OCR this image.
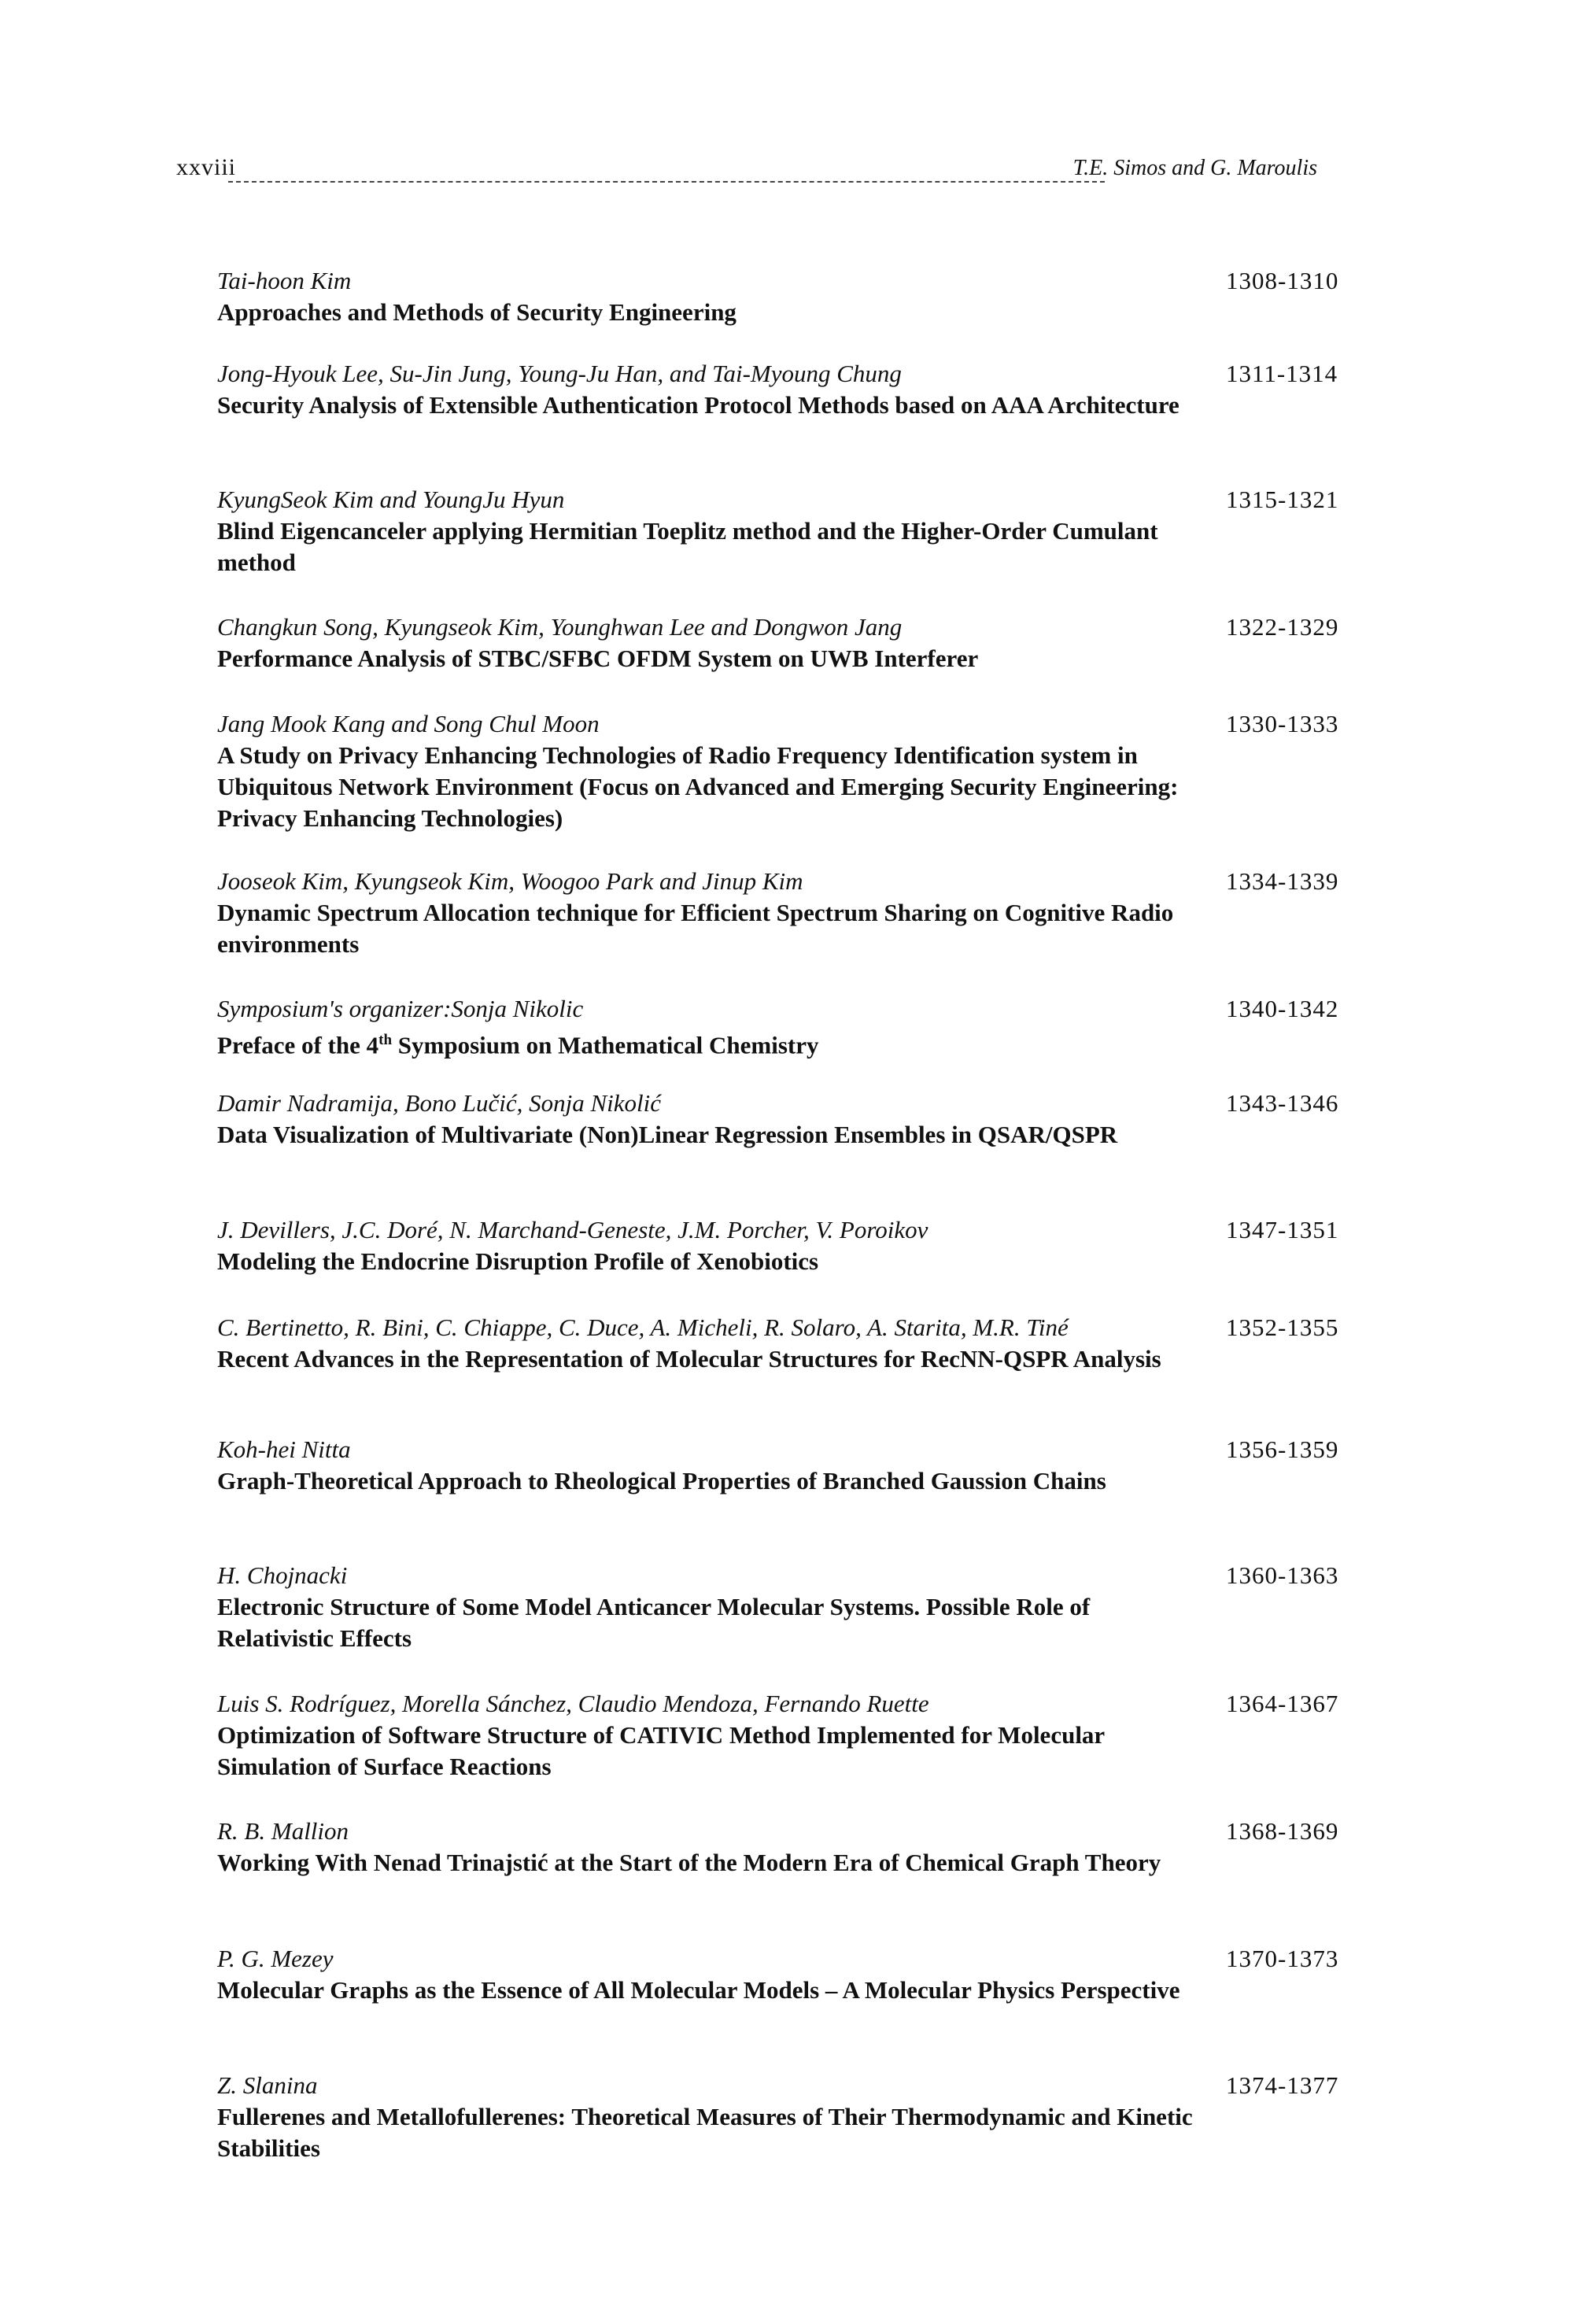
xxviii	T.E. Simos and G. Maroulis
Tai-hoon Kim
Approaches and Methods of Security Engineering
1308-1310
Jong-Hyouk Lee, Su-Jin Jung, Young-Ju Han, and Tai-Myoung Chung
Security Analysis of Extensible Authentication Protocol Methods based on AAA Architecture
1311-1314
KyungSeok Kim and YoungJu Hyun
Blind Eigencanceler applying Hermitian Toeplitz method and the Higher-Order Cumulant method
1315-1321
Changkun Song, Kyungseok Kim, Younghwan Lee and Dongwon Jang
Performance Analysis of STBC/SFBC OFDM System on UWB Interferer
1322-1329
Jang Mook Kang and Song Chul Moon
A Study on Privacy Enhancing Technologies of Radio Frequency Identification system in Ubiquitous Network Environment (Focus on Advanced and Emerging Security Engineering: Privacy Enhancing Technologies)
1330-1333
Jooseok Kim, Kyungseok Kim, Woogoo Park and Jinup Kim
Dynamic Spectrum Allocation technique for Efficient Spectrum Sharing on Cognitive Radio environments
1334-1339
Symposium's organizer:Sonja Nikolic
Preface of the 4th Symposium on Mathematical Chemistry
1340-1342
Damir Nadramija, Bono Lučić, Sonja Nikolić
Data Visualization of Multivariate (Non)Linear Regression Ensembles in QSAR/QSPR
1343-1346
J. Devillers, J.C. Doré, N. Marchand-Geneste, J.M. Porcher, V. Poroikov
Modeling the Endocrine Disruption Profile of Xenobiotics
1347-1351
C. Bertinetto, R. Bini, C. Chiappe, C. Duce, A. Micheli, R. Solaro, A. Starita, M.R. Tiné
Recent Advances in the Representation of Molecular Structures for RecNN-QSPR Analysis
1352-1355
Koh-hei Nitta
Graph-Theoretical Approach to Rheological Properties of Branched Gaussion Chains
1356-1359
H. Chojnacki
Electronic Structure of Some Model Anticancer Molecular Systems. Possible Role of Relativistic Effects
1360-1363
Luis S. Rodríguez, Morella Sánchez, Claudio Mendoza, Fernando Ruette
Optimization of Software Structure of CATIVIC Method Implemented for Molecular Simulation of Surface Reactions
1364-1367
R. B. Mallion
Working With Nenad Trinajstić at the Start of the Modern Era of Chemical Graph Theory
1368-1369
P. G. Mezey
Molecular Graphs as the Essence of All Molecular Models – A Molecular Physics Perspective
1370-1373
Z. Slanina
Fullerenes and Metallofullerenes: Theoretical Measures of Their Thermodynamic and Kinetic Stabilities
1374-1377
